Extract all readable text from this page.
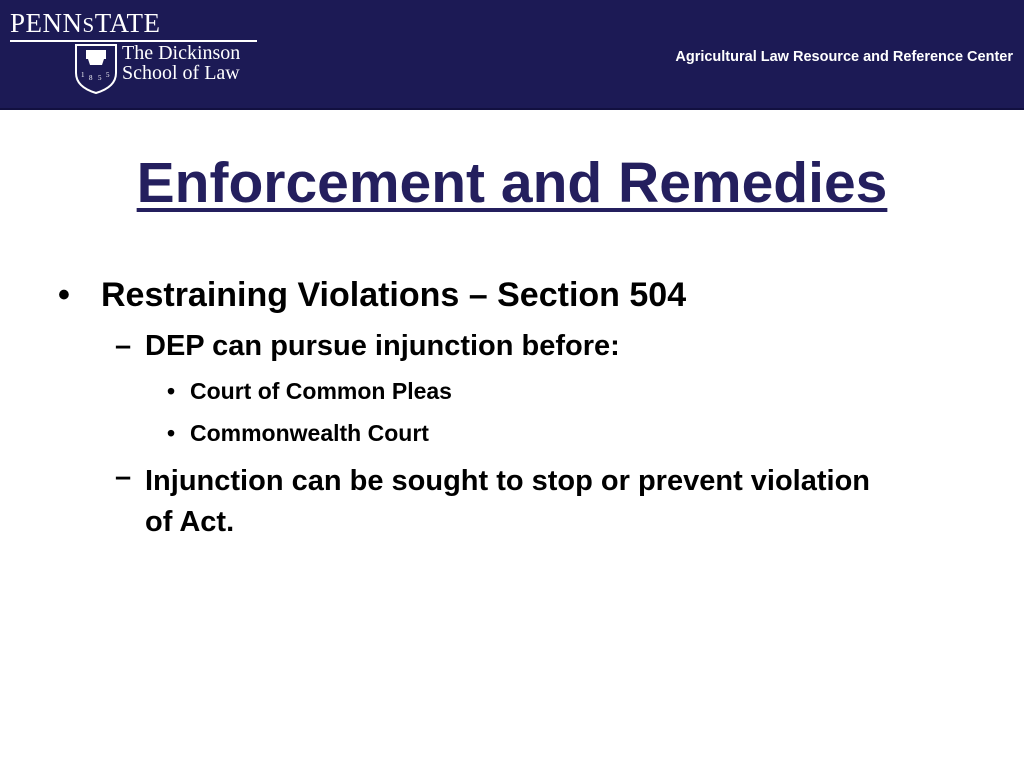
PENNSTATE
1 8 5 5
The Dickinson
School of Law
Agricultural Law Resource and Reference Center
Enforcement and Remedies
• Restraining Violations – Section 504
– DEP can pursue injunction before:
• Court of Common Pleas
• Commonwealth Court
– Injunction can be sought to stop or prevent violation of Act.
